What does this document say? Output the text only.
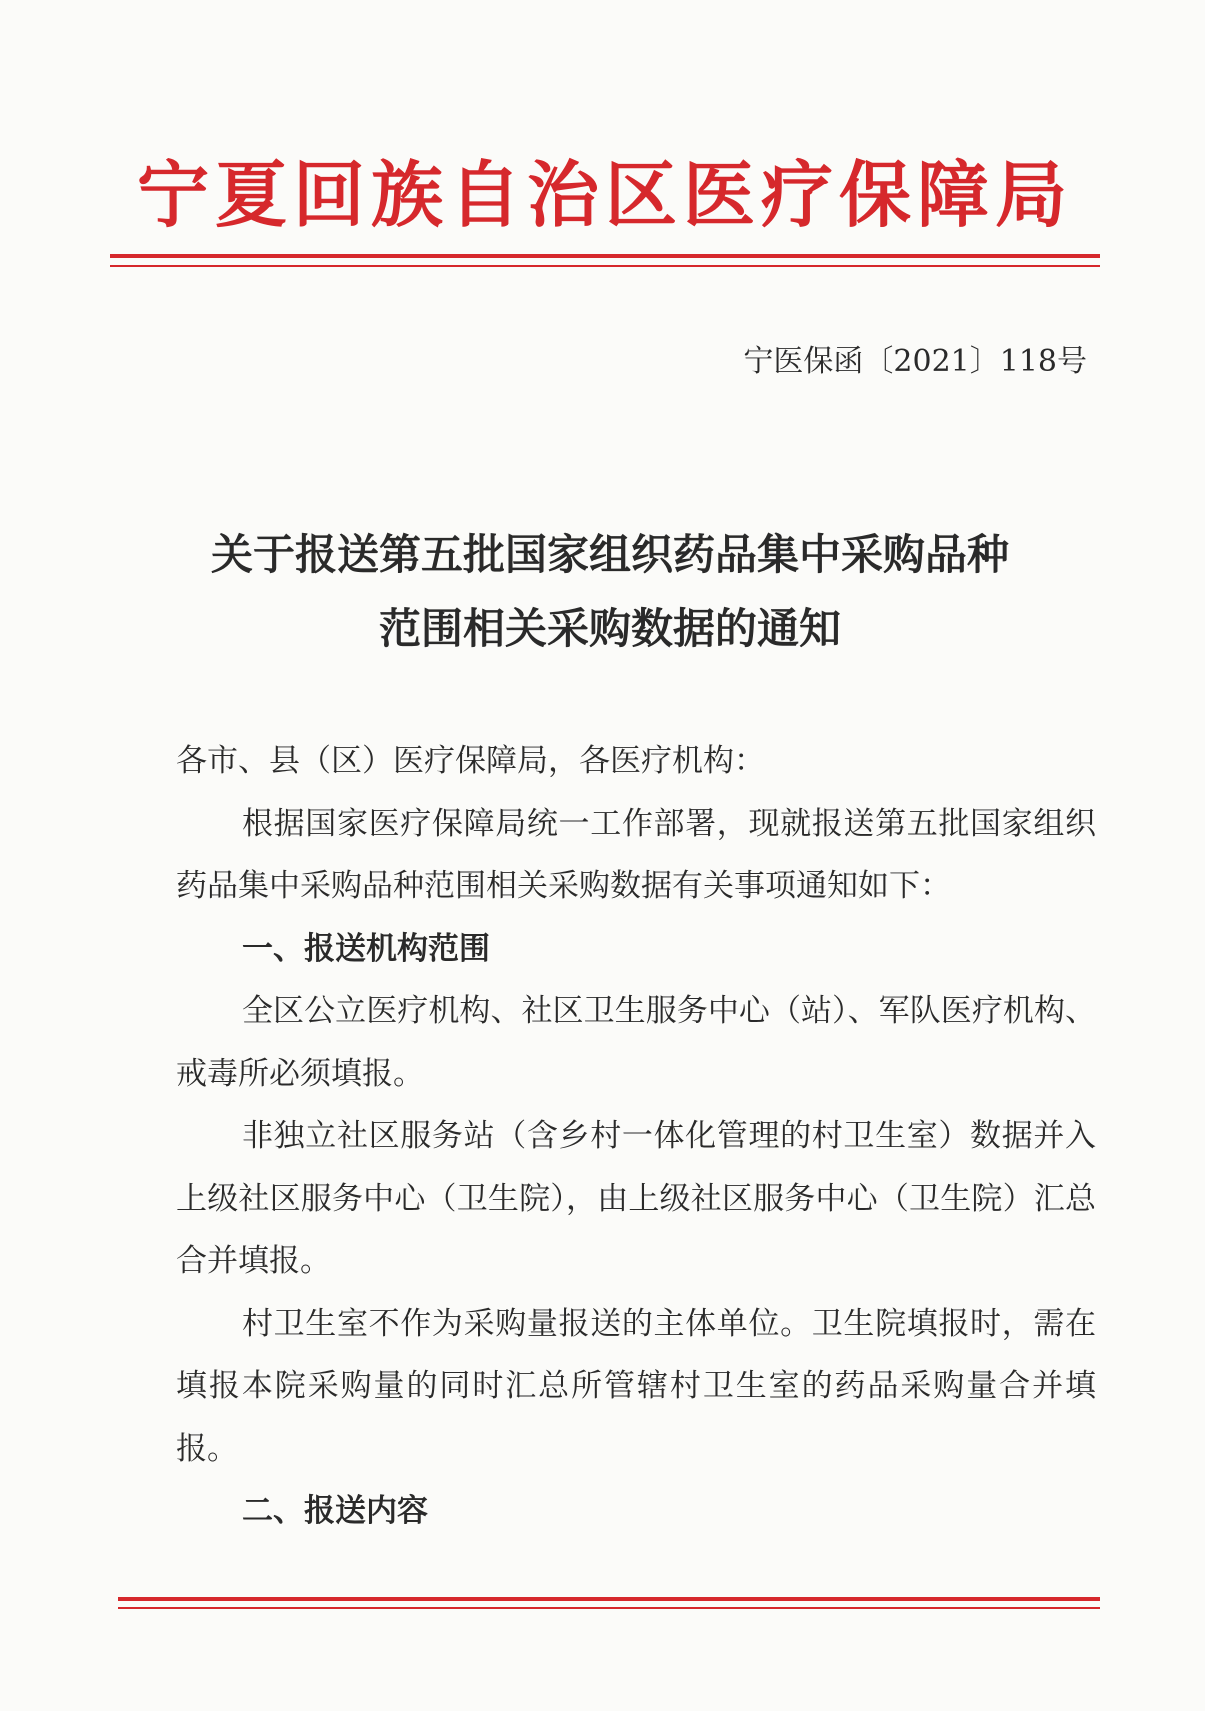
宁夏回族自治区医疗保障局
宁医保函〔2021〕118号
关于报送第五批国家组织药品集中采购品种
范围相关采购数据的通知

各市、县（区）医疗保障局，各医疗机构：

根据国家医疗保障局统一工作部署，现就报送第五批国家组织药品集中采购品种范围相关采购数据有关事项通知如下：

一、报送机构范围

全区公立医疗机构、社区卫生服务中心（站）、军队医疗机构、戒毒所必须填报。

非独立社区服务站（含乡村一体化管理的村卫生室）数据并入上级社区服务中心（卫生院），由上级社区服务中心（卫生院）汇总合并填报。

村卫生室不作为采购量报送的主体单位。卫生院填报时，需在填报本院采购量的同时汇总所管辖村卫生室的药品采购量合并填报。

二、报送内容
